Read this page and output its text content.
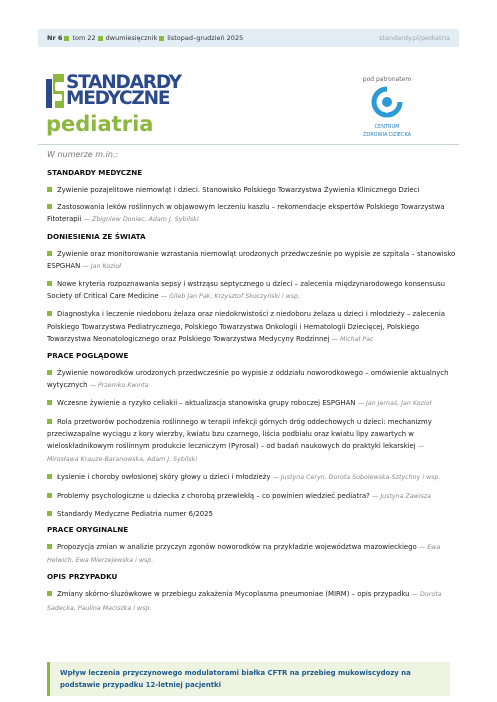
Nr 6 tom 22 dwumiesięcznik listopad–grudzień 2025	standardy.pl/pediatria
STANDARDY
MEDYCZNE
pediatria
pod patronatem
CENTRUM
ZDROWIA DZIECKA
W numerze m.in.:
STANDARDY MEDYCZNE
Żywienie pozajelitowe niemowląt i dzieci. Stanowisko Polskiego Towarzystwa Żywienia Klinicznego Dzieci
Zastosowania leków roślinnych w objawowym leczeniu kaszlu – rekomendacje ekspertów Polskiego Towarzystwa Fitoterapii — Zbigniew Doniec, Adam J. Sybilski
DONIESIENIA ZE ŚWIATA
Żywienie oraz monitorowanie wzrastania niemowląt urodzonych przedwcześnie po wypisie ze szpitala – stanowisko ESPGHAN — Jan Kozioł
Nowe kryteria rozpoznawania sepsy i wstrząsu septycznego u dzieci – zalecenia międzynarodowego konsensusu Society of Critical Care Medicine — Gileb Jan Pak, Krzysztof Skoczyński i wsp.
Diagnostyka i leczenie niedoboru żelaza oraz niedokrwistości z niedoboru żelaza u dzieci i młodzieży – zalecenia Polskiego Towarzystwa Pediatrycznego, Polskiego Towarzystwa Onkologii i Hematologii Dziecięcej, Polskiego Towarzystwa Neonatologicznego oraz Polskiego Towarzystwa Medycyny Rodzinnej — Michał Pac
PRACE POGLĄDOWE
Żywienie noworodków urodzonych przedwcześnie po wypisie z oddziału noworodkowego – omówienie aktualnych wytycznych — Przemko Kwinta
Wczesne żywienie a ryzyko celiakii – aktualizacja stanowiska grupy roboczej ESPGHAN — Jan Jernaś, Jan Kozioł
Rola przetworów pochodzenia roślinnego w terapii infekcji górnych dróg oddechowych u dzieci: mechanizmy przeciwzapalne wyciągu z kory wierzby, kwiatu bzu czarnego, liścia podbiału oraz kwiatu lipy zawartych w wieloskładnikowym roślinnym produkcie leczniczym (Pyrosal) – od badań naukowych do praktyki lekarskiej — Mirosława Krauze-Baranowska, Adam J. Sybilski
Łysienie i choroby owłosionej skóry głowy u dzieci i młodzieży — Justyna Ceryn, Dorota Sobolewska-Sztychny i wsp.
Problemy psychologiczne u dziecka z chorobą przewlekłą – co powinien wiedzieć pediatra? — Justyna Zawisza
Standardy Medyczne Pediatria numer 6/2025
PRACE ORYGINALNE
Propozycja zmian w analizie przyczyn zgonów noworodków na przykładzie województwa mazowieckiego — Ewa Helwich, Ewa Mierzejewska i wsp.
OPIS PRZYPADKU
Zmiany skórno-śluzówkowe w przebiegu zakażenia Mycoplasma pneumoniae (MIRM) – opis przypadku — Dorota Sadecka, Paulina Maciszka i wsp.
Wpływ leczenia przyczynowego modulatorami białka CFTR na przebieg mukowiscydozy na podstawie przypadku 12-letniej pacjentki
